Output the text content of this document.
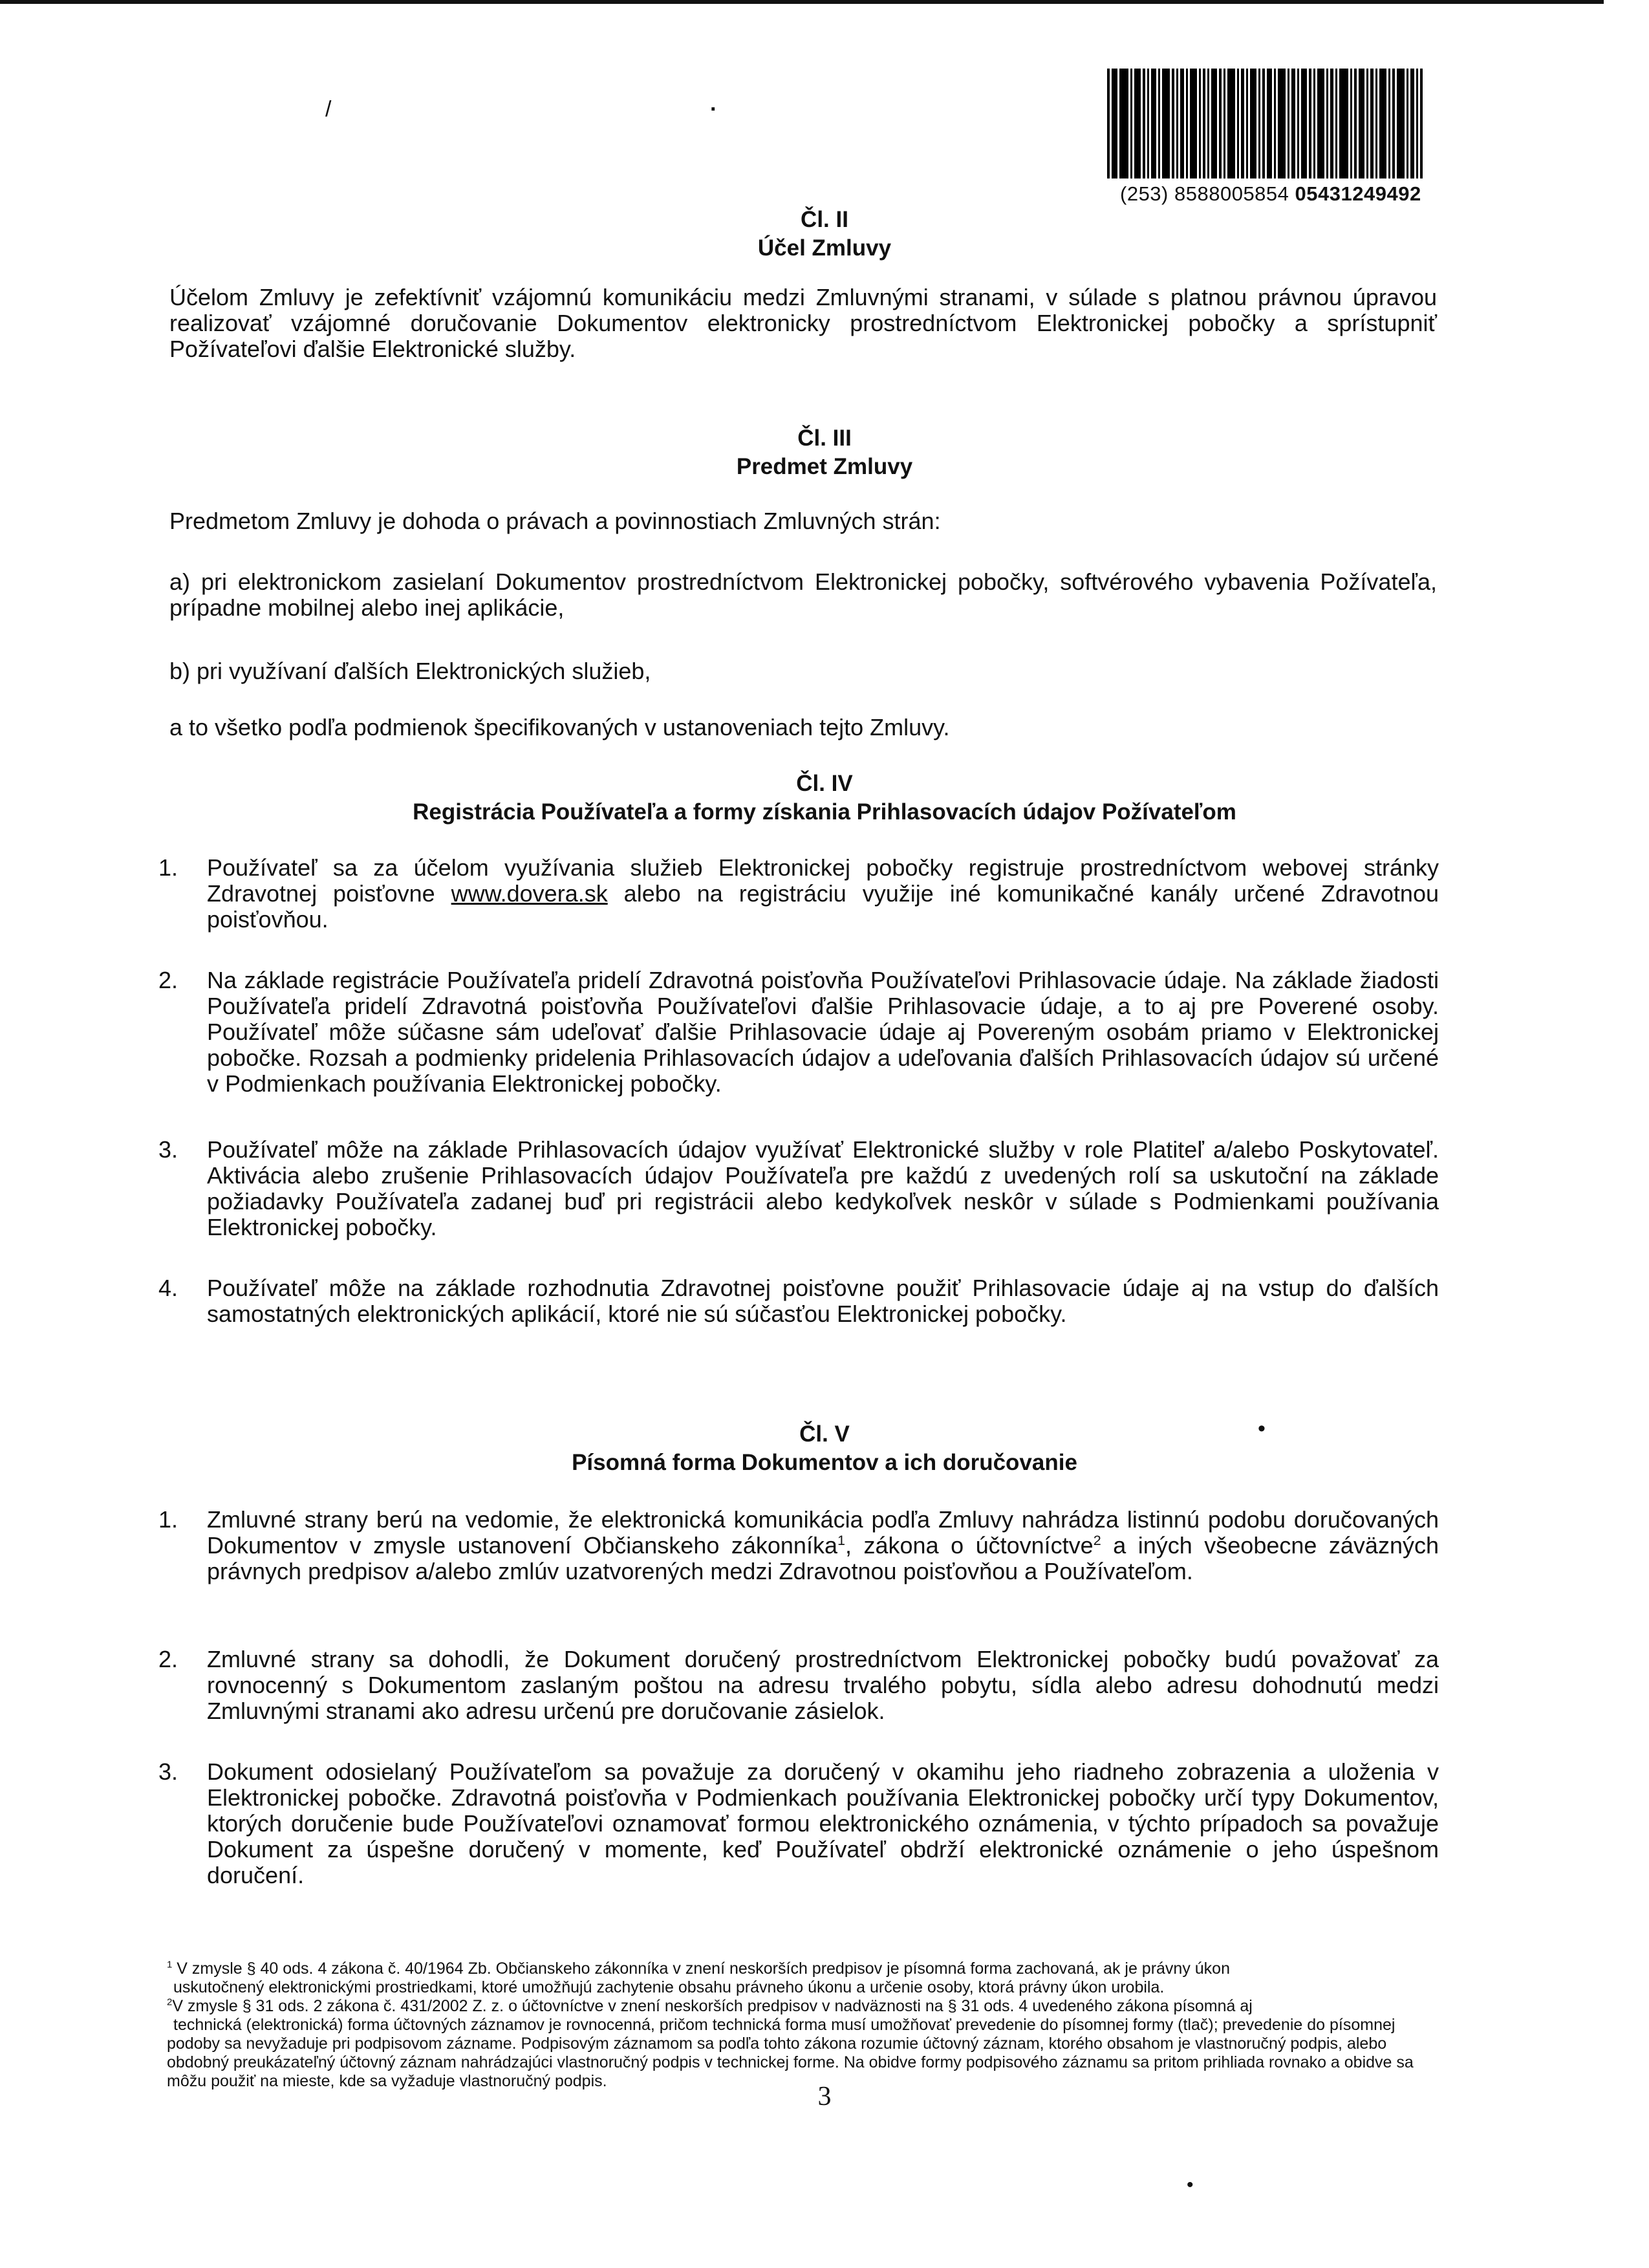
/	·
•
•
(253) 8588005854 05431249492
Čl. II
Účel Zmluvy
Účelom Zmluvy je zefektívniť vzájomnú komunikáciu medzi Zmluvnými stranami, v súlade s platnou právnou úpravou realizovať vzájomné doručovanie Dokumentov elektronicky prostredníctvom Elektronickej pobočky a sprístupniť Požívateľovi ďalšie Elektronické služby.
Čl. III
Predmet Zmluvy
Predmetom Zmluvy je dohoda o právach a povinnostiach Zmluvných strán:
a) pri elektronickom zasielaní Dokumentov prostredníctvom Elektronickej pobočky, softvérového vybavenia Požívateľa, prípadne mobilnej alebo inej aplikácie,
b) pri využívaní ďalších Elektronických služieb,
a to všetko podľa podmienok špecifikovaných v ustanoveniach tejto Zmluvy.
Čl. IV
Registrácia Používateľa a formy získania Prihlasovacích údajov Požívateľom
1.	Používateľ sa za účelom využívania služieb Elektronickej pobočky registruje prostredníctvom webovej stránky Zdravotnej poisťovne www.dovera.sk alebo na registráciu využije iné komunikačné kanály určené Zdravotnou poisťovňou.
2.	Na základe registrácie Používateľa pridelí Zdravotná poisťovňa Používateľovi Prihlasovacie údaje. Na základe žiadosti Používateľa pridelí Zdravotná poisťovňa Používateľovi ďalšie Prihlasovacie údaje, a to aj pre Poverené osoby. Používateľ môže súčasne sám udeľovať ďalšie Prihlasovacie údaje aj Povereným osobám priamo v Elektronickej pobočke. Rozsah a podmienky pridelenia Prihlasovacích údajov a udeľovania ďalších Prihlasovacích údajov sú určené v Podmienkach používania Elektronickej pobočky.
3.	Používateľ môže na základe Prihlasovacích údajov využívať Elektronické služby v role Platiteľ a/alebo Poskytovateľ. Aktivácia alebo zrušenie Prihlasovacích údajov Používateľa pre každú z uvedených rolí sa uskutoční na základe požiadavky Používateľa zadanej buď pri registrácii alebo kedykoľvek neskôr v súlade s Podmienkami používania Elektronickej pobočky.
4.	Používateľ môže na základe rozhodnutia Zdravotnej poisťovne použiť Prihlasovacie údaje aj na vstup do ďalších samostatných elektronických aplikácií, ktoré nie sú súčasťou Elektronickej pobočky.
Čl. V
Písomná forma Dokumentov a ich doručovanie
1.	Zmluvné strany berú na vedomie, že elektronická komunikácia podľa Zmluvy nahrádza listinnú podobu doručovaných Dokumentov v zmysle ustanovení Občianskeho zákonníka$^1$, zákona o účtovníctve$^2$ a iných všeobecne záväzných právnych predpisov a/alebo zmlúv uzatvorených medzi Zdravotnou poisťovňou a Používateľom.
2.	Zmluvné strany sa dohodli, že Dokument doručený prostredníctvom Elektronickej pobočky budú považovať za rovnocenný s Dokumentom zaslaným poštou na adresu trvalého pobytu, sídla alebo adresu dohodnutú medzi Zmluvnými stranami ako adresu určenú pre doručovanie zásielok.
3.	Dokument odosielaný Používateľom sa považuje za doručený v okamihu jeho riadneho zobrazenia a uloženia v Elektronickej pobočke. Zdravotná poisťovňa v Podmienkach používania Elektronickej pobočky určí typy Dokumentov, ktorých doručenie bude Používateľovi oznamovať formou elektronického oznámenia, v týchto prípadoch sa považuje Dokument za úspešne doručený v momente, keď Používateľ obdrží elektronické oznámenie o jeho úspešnom doručení.

$^1$ V zmysle § 40 ods. 4 zákona č. 40/1964 Zb. Občianskeho zákonníka v znení neskorších predpisov je písomná forma zachovaná, ak je právny úkon
uskutočnený elektronickými prostriedkami, ktoré umožňujú zachytenie obsahu právneho úkonu a určenie osoby, ktorá právny úkon urobila.

$^2$V zmysle § 31 ods. 2 zákona č. 431/2002 Z. z. o účtovníctve v znení neskorších predpisov v nadväznosti na § 31 ods. 4 uvedeného zákona písomná aj
technická (elektronická) forma účtovných záznamov je rovnocenná, pričom technická forma musí umožňovať prevedenie do písomnej formy (tlač); prevedenie do písomnej podoby sa nevyžaduje pri podpisovom zázname. Podpisovým záznamom sa podľa tohto zákona rozumie účtovný záznam, ktorého obsahom je vlastnoručný podpis, alebo obdobný preukázateľný účtovný záznam nahrádzajúci vlastnoručný podpis v technickej forme. Na obidve formy podpisového záznamu sa pritom prihliada rovnako a obidve sa môžu použiť na mieste, kde sa vyžaduje vlastnoručný podpis.

3
